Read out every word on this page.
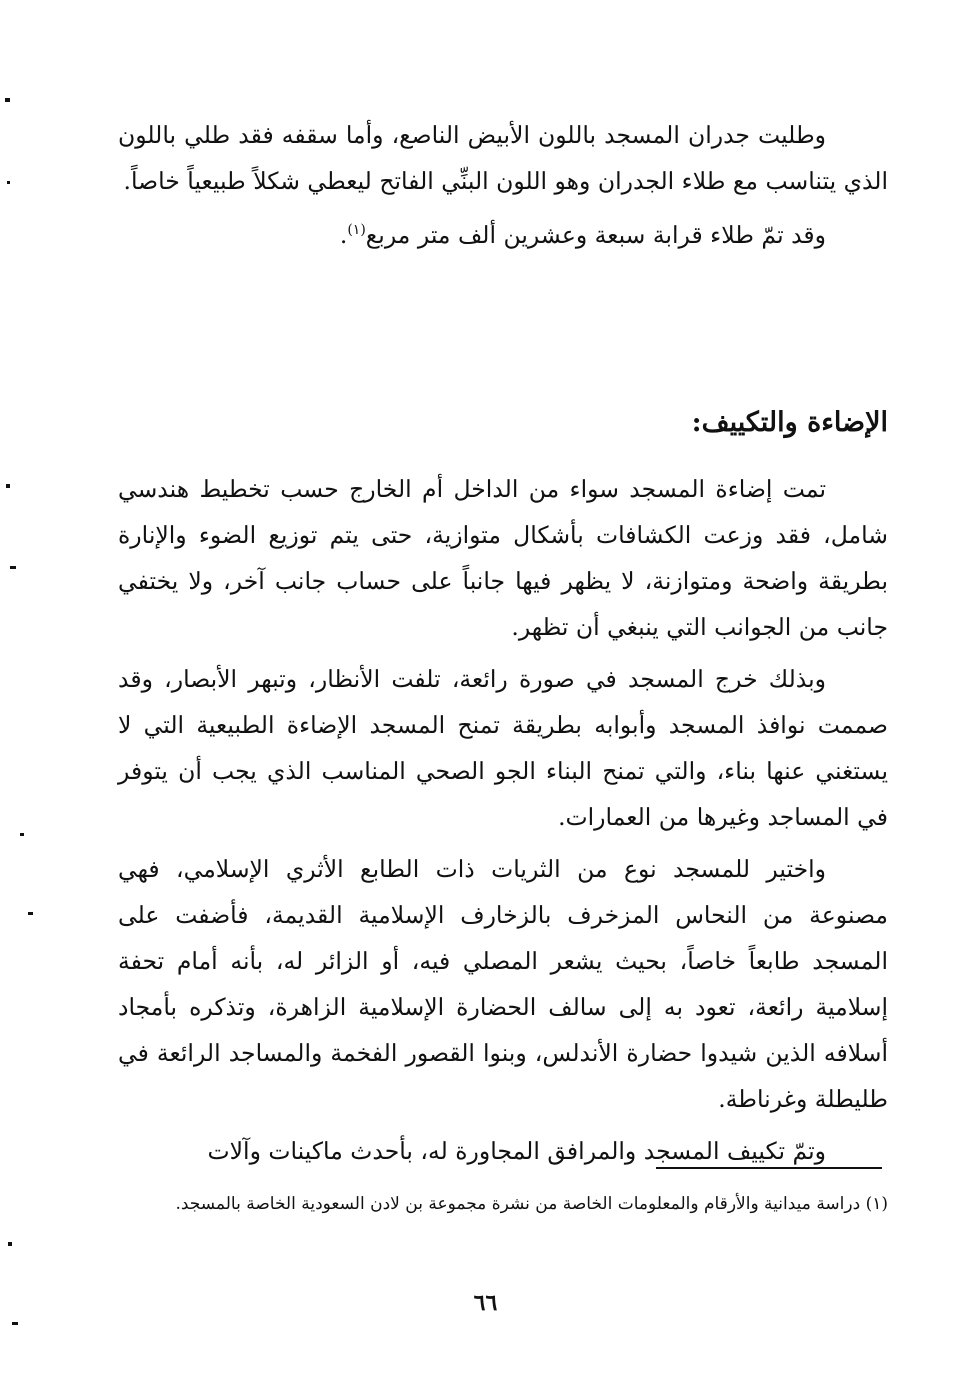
وطليت جدران المسجد باللون الأبيض الناصع، وأما سقفه فقد طلي باللون الذي يتناسب مع طلاء الجدران وهو اللون البنِّي الفاتح ليعطي شكلاً طبيعياً خاصاً.

وقد تمّ طلاء قرابة سبعة وعشرين ألف متر مربع$^{(١)}$.

الإضاءة والتكييف:

تمت إضاءة المسجد سواء من الداخل أم الخارج حسب تخطيط هندسي شامل، فقد وزعت الكشافات بأشكال متوازية، حتى يتم توزيع الضوء والإنارة بطريقة واضحة ومتوازنة، لا يظهر فيها جانباً على حساب جانب آخر، ولا يختفي جانب من الجوانب التي ينبغي أن تظهر.

وبذلك خرج المسجد في صورة رائعة، تلفت الأنظار، وتبهر الأبصار، وقد صممت نوافذ المسجد وأبوابه بطريقة تمنح المسجد الإضاءة الطبيعية التي لا يستغني عنها بناء، والتي تمنح البناء الجو الصحي المناسب الذي يجب أن يتوفر في المساجد وغيرها من العمارات.

واختير للمسجد نوع من الثريات ذات الطابع الأثري الإسلامي، فهي مصنوعة من النحاس المزخرف بالزخارف الإسلامية القديمة، فأضفت على المسجد طابعاً خاصاً، بحيث يشعر المصلي فيه، أو الزائر له، بأنه أمام تحفة إسلامية رائعة، تعود به إلى سالف الحضارة الإسلامية الزاهرة، وتذكره بأمجاد أسلافه الذين شيدوا حضارة الأندلس، وبنوا القصور الفخمة والمساجد الرائعة في طليطلة وغرناطة.

وتمّ تكييف المسجد والمرافق المجاورة له، بأحدث ماكينات وآلات

(١) دراسة ميدانية والأرقام والمعلومات الخاصة من نشرة مجموعة بن لادن السعودية الخاصة بالمسجد.

٦٦
